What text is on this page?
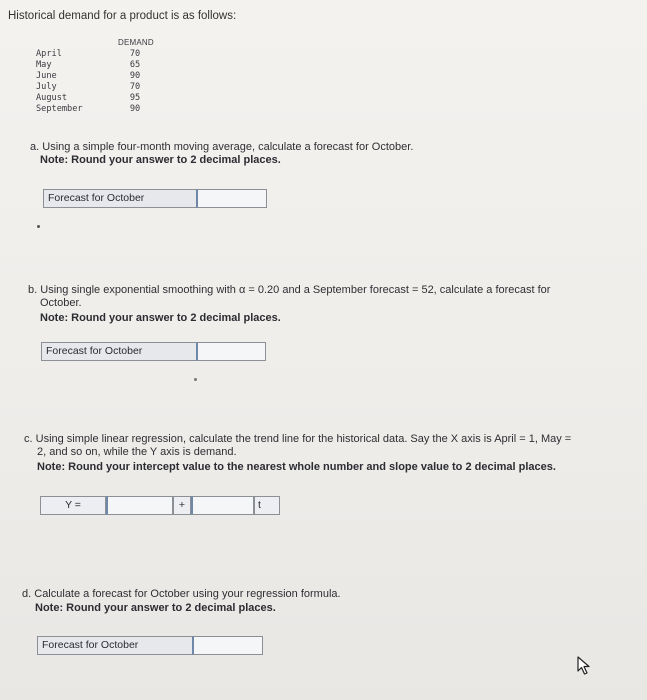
Historical demand for a product is as follows:
DEMAND
April	70
May	65
June	90
July	70
August	95
September	90
a. Using a simple four-month moving average, calculate a forecast for October.
Note: Round your answer to 2 decimal places.
Forecast for October
b. Using single exponential smoothing with α = 0.20 and a September forecast = 52, calculate a forecast for
October.
Note: Round your answer to 2 decimal places.
Forecast for October
c. Using simple linear regression, calculate the trend line for the historical data. Say the X axis is April = 1, May =
2, and so on, while the Y axis is demand.
Note: Round your intercept value to the nearest whole number and slope value to 2 decimal places.
Y =	+	t
d. Calculate a forecast for October using your regression formula.
Note: Round your answer to 2 decimal places.
Forecast for October
